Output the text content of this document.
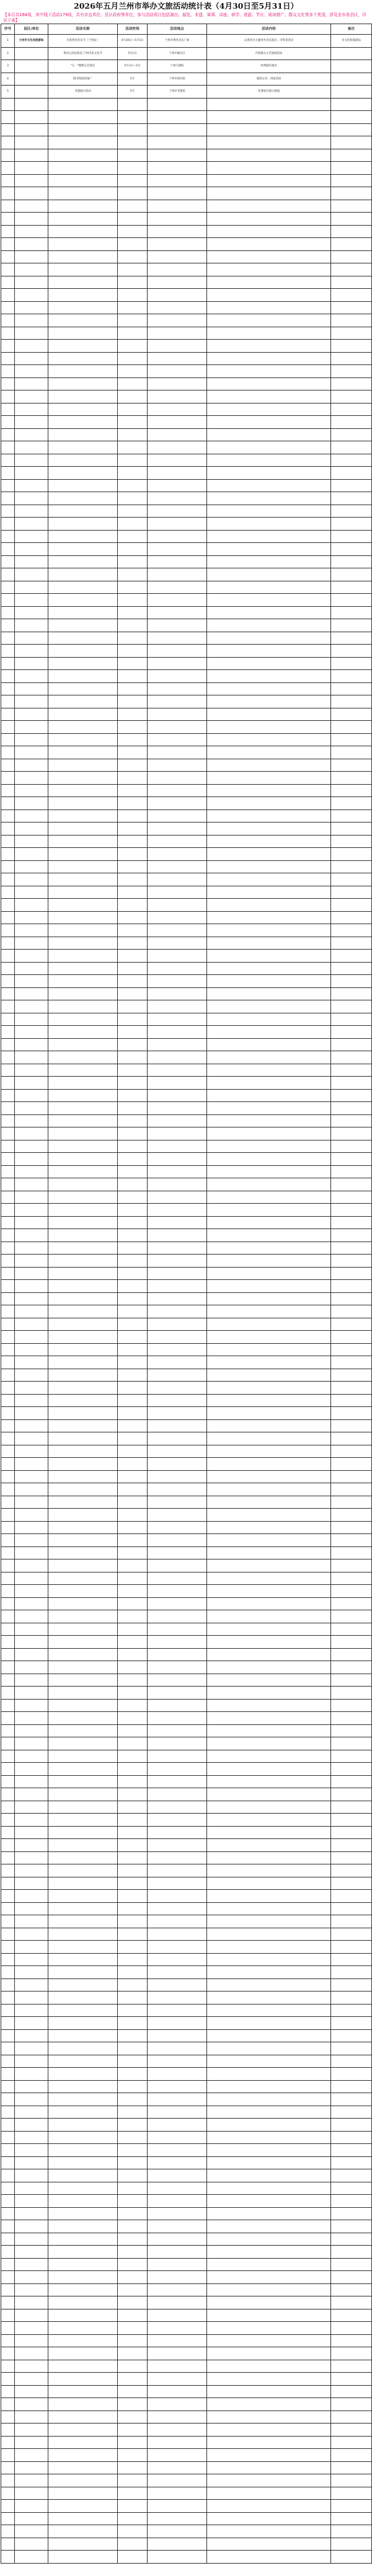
2026年五月兰州市举办文旅活动统计表（4月30日至5月31日）
【本月共184场，其中线下活动179场，共有市直单位、县区政府等单位，参与活动项目包括演出、展览、非遗、赛事、讲座、研学、夜游、节庆、阅读推广、群众文化等多个类别，涉及全市各县区，详见下表】
序号	县区/单位	活动名称	活动时间	活动地点	活动内容	备注
1	兰州市文化和旅游局	甘肃黄河音乐节（兰州站）	4月30日—5月3日	兰州市黄河音乐广场	以黄河为主题举办音乐演出、市集等活动	市文化和旅游局
2		黄河之滨也很美·兰州市民文化节	5月1日	兰州市城关区	开展群众文艺展演活动	
3		"五一"假期文艺演出	5月1日—5日	兰州大剧院	经典剧目演出	
4		图书馆阅读推广	5月	兰州市图书馆	阅读分享、讲座活动	
5		非遗展示活动	5月	兰州市非遗馆	非遗项目展示展演	
